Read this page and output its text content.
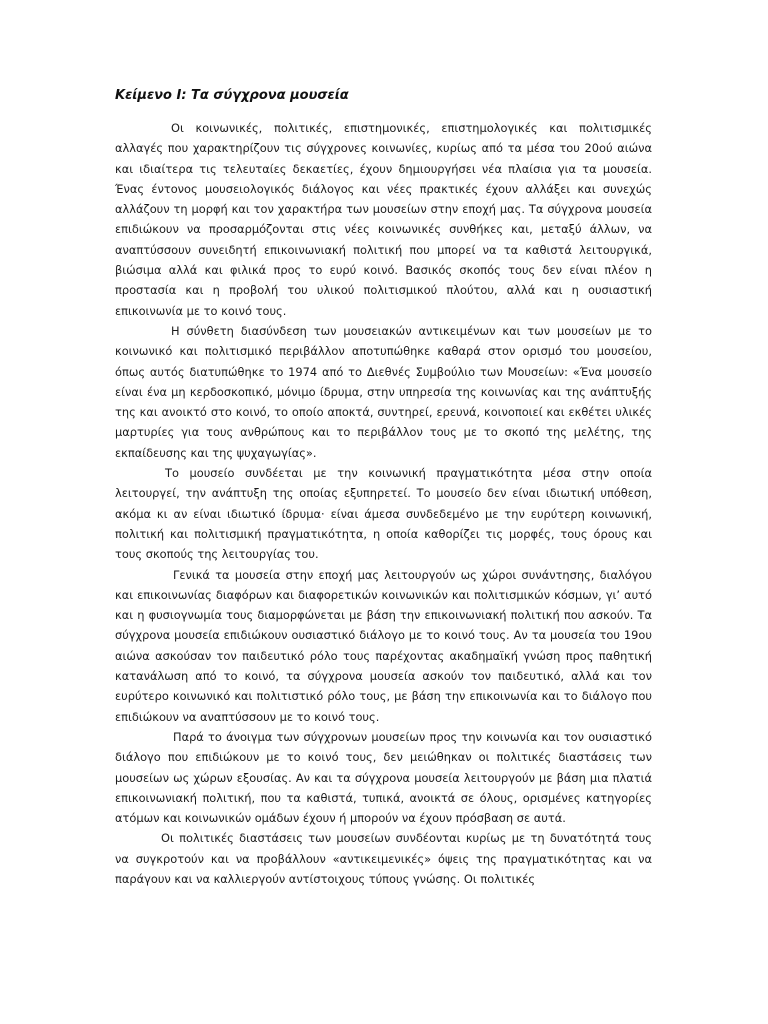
Κείμενο Ι: Τα σύγχρονα μουσεία

Οι κοινωνικές, πολιτικές, επιστημονικές, επιστημολογικές και πολιτισμικές αλλαγές που χαρακτηρίζουν τις σύγχρονες κοινωνίες, κυρίως από τα μέσα του 20ού αιώνα και ιδιαίτερα τις τελευταίες δεκαετίες, έχουν δημιουργήσει νέα πλαίσια για τα μουσεία. Ένας έντονος μουσειολογικός διάλογος και νέες πρακτικές έχουν αλλάξει και συνεχώς αλλάζουν τη μορφή και τον χαρακτήρα των μουσείων στην εποχή μας. Τα σύγχρονα μουσεία επιδιώκουν να προσαρμόζονται στις νέες κοινωνικές συνθήκες και, μεταξύ άλλων, να αναπτύσσουν συνειδητή επικοινωνιακή πολιτική που μπορεί να τα καθιστά λειτουργικά, βιώσιμα αλλά και φιλικά προς το ευρύ κοινό. Βασικός σκοπός τους δεν είναι πλέον η προστασία και η προβολή του υλικού πολιτισμικού πλούτου, αλλά και η ουσιαστική επικοινωνία με το κοινό τους.

Η σύνθετη διασύνδεση των μουσειακών αντικειμένων και των μουσείων με το κοινωνικό και πολιτισμικό περιβάλλον αποτυπώθηκε καθαρά στον ορισμό του μουσείου, όπως αυτός διατυπώθηκε το 1974 από το Διεθνές Συμβούλιο των Μουσείων: «Ένα μουσείο είναι ένα μη κερδοσκοπικό, μόνιμο ίδρυμα, στην υπηρεσία της κοινωνίας και της ανάπτυξής της και ανοικτό στο κοινό, το οποίο αποκτά, συντηρεί, ερευνά, κοινοποιεί και εκθέτει υλικές μαρτυρίες για τους ανθρώπους και το περιβάλλον τους με το σκοπό της μελέτης, της εκπαίδευσης και της ψυχαγωγίας».

Το μουσείο συνδέεται με την κοινωνική πραγματικότητα μέσα στην οποία λειτουργεί, την ανάπτυξη της οποίας εξυπηρετεί. Το μουσείο δεν είναι ιδιωτική υπόθεση, ακόμα κι αν είναι ιδιωτικό ίδρυμα· είναι άμεσα συνδεδεμένο με την ευρύτερη κοινωνική, πολιτική και πολιτισμική πραγματικότητα, η οποία καθορίζει τις μορφές, τους όρους και τους σκοπούς της λειτουργίας του.

Γενικά τα μουσεία στην εποχή μας λειτουργούν ως χώροι συνάντησης, διαλόγου και επικοινωνίας διαφόρων και διαφορετικών κοινωνικών και πολιτισμικών κόσμων, γι’ αυτό και η φυσιογνωμία τους διαμορφώνεται με βάση την επικοινωνιακή πολιτική που ασκούν. Τα σύγχρονα μουσεία επιδιώκουν ουσιαστικό διάλογο με το κοινό τους. Αν τα μουσεία του 19ου αιώνα ασκούσαν τον παιδευτικό ρόλο τους παρέχοντας ακαδημαϊκή γνώση προς παθητική κατανάλωση από το κοινό, τα σύγχρονα μουσεία ασκούν τον παιδευτικό, αλλά και τον ευρύτερο κοινωνικό και πολιτιστικό ρόλο τους, με βάση την επικοινωνία και το διάλογο που επιδιώκουν να αναπτύσσουν με το κοινό τους.

Παρά το άνοιγμα των σύγχρονων μουσείων προς την κοινωνία και τον ουσιαστικό διάλογο που επιδιώκουν με το κοινό τους, δεν μειώθηκαν οι πολιτικές διαστάσεις των μουσείων ως χώρων εξουσίας. Αν και τα σύγχρονα μουσεία λειτουργούν με βάση μια πλατιά επικοινωνιακή πολιτική, που τα καθιστά, τυπικά, ανοικτά σε όλους, ορισμένες κατηγορίες ατόμων και κοινωνικών ομάδων έχουν ή μπορούν να έχουν πρόσβαση σε αυτά.

Οι πολιτικές διαστάσεις των μουσείων συνδέονται κυρίως με τη δυνατότητά τους να συγκροτούν και να προβάλλουν «αντικειμενικές» όψεις της πραγματικότητας και να παράγουν και να καλλιεργούν αντίστοιχους τύπους γνώσης. Οι πολιτικές
